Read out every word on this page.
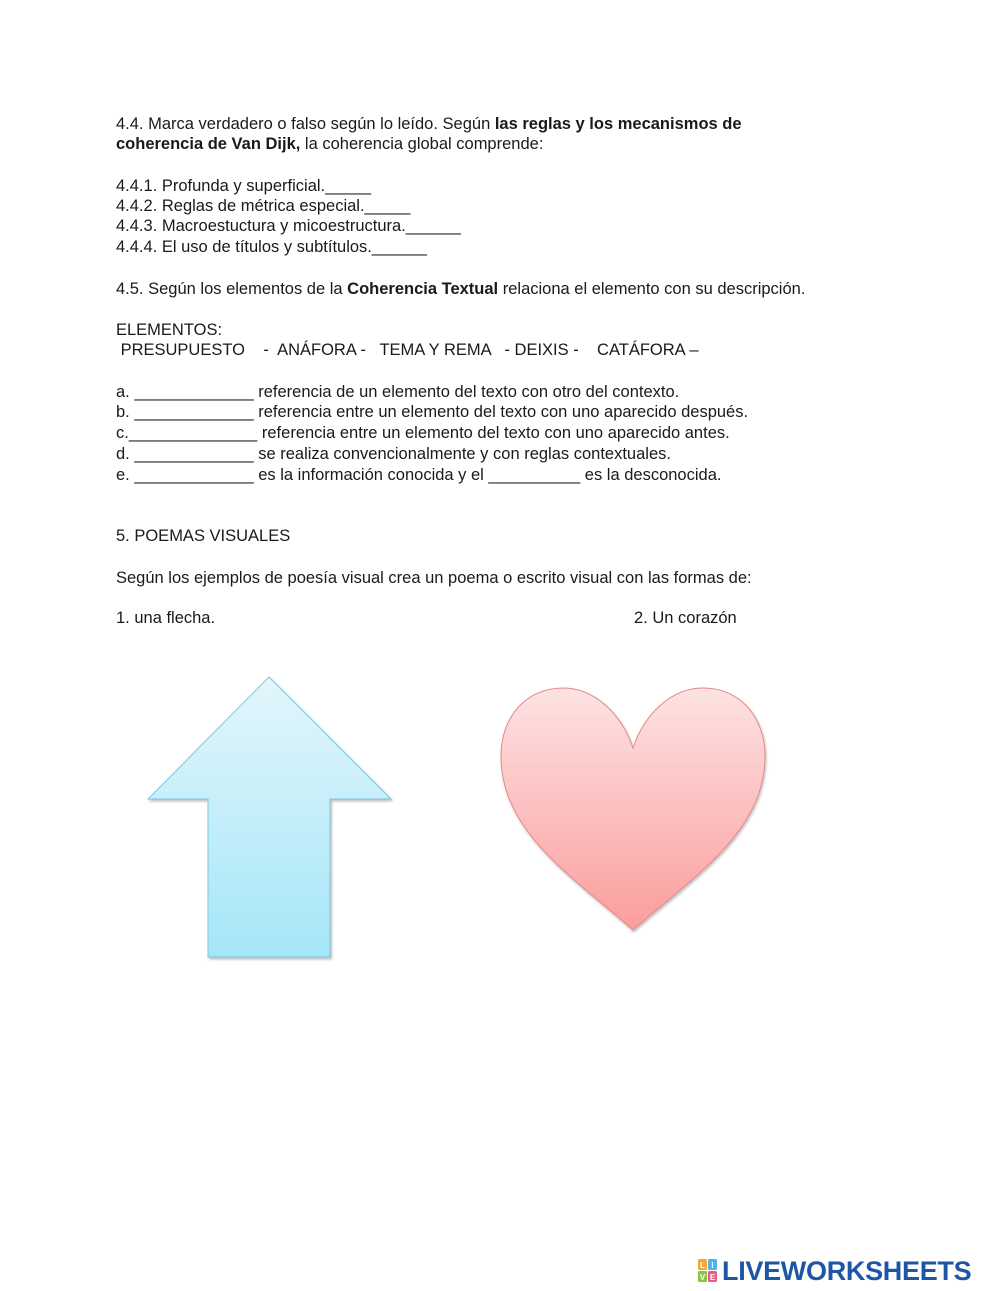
4.4. Marca verdadero o falso según lo leído. Según las reglas y los mecanismos de
coherencia de Van Dijk, la coherencia global comprende:
4.4.1. Profunda y superficial._____
4.4.2. Reglas de métrica especial._____
4.4.3. Macroestuctura y micoestructura.______
4.4.4. El uso de títulos y subtítulos.______
4.5. Según los elementos de la Coherencia Textual relaciona el elemento con su descripción.
ELEMENTOS:
PRESUPUESTO    -  ANÁFORA -   TEMA Y REMA   - DEIXIS -    CATÁFORA –
a. _____________ referencia de un elemento del texto con otro del contexto.
b. _____________ referencia entre un elemento del texto con uno aparecido después.
c.______________ referencia entre un elemento del texto con uno aparecido antes.
d. _____________ se realiza convencionalmente y con reglas contextuales.
e. _____________ es la información conocida y el __________ es la desconocida.
5. POEMAS VISUALES
Según los ejemplos de poesía visual crea un poema o escrito visual con las formas de:
1. una flecha.	2. Un corazón
L I
V E LIVEWORKSHEETS
